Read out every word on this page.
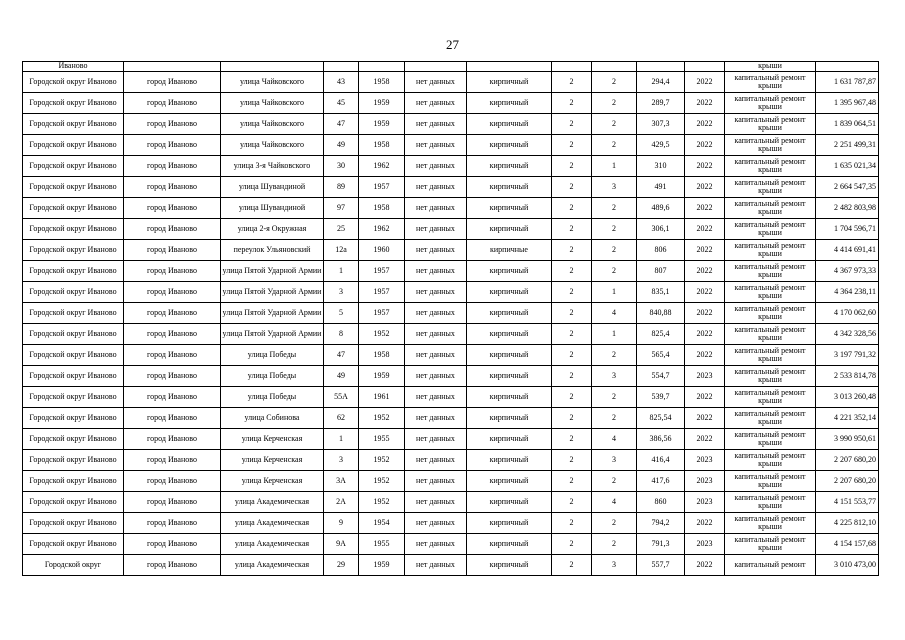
27
Иваново											крыши	
Городской округ Иваново	город Иваново	улица Чайковского	43	1958	нет данных	кирпичный	2	2	294,4	2022	капитальный ремонт крыши	1 631 787,87
Городской округ Иваново	город Иваново	улица Чайковского	45	1959	нет данных	кирпичный	2	2	289,7	2022	капитальный ремонт крыши	1 395 967,48
Городской округ Иваново	город Иваново	улица Чайковского	47	1959	нет данных	кирпичный	2	2	307,3	2022	капитальный ремонт крыши	1 839 064,51
Городской округ Иваново	город Иваново	улица Чайковского	49	1958	нет данных	кирпичный	2	2	429,5	2022	капитальный ремонт крыши	2 251 499,31
Городской округ Иваново	город Иваново	улица 3-я Чайковского	30	1962	нет данных	кирпичный	2	1	310	2022	капитальный ремонт крыши	1 635 021,34
Городской округ Иваново	город Иваново	улица Шувандиной	89	1957	нет данных	кирпичный	2	3	491	2022	капитальный ремонт крыши	2 664 547,35
Городской округ Иваново	город Иваново	улица Шувандиной	97	1958	нет данных	кирпичный	2	2	489,6	2022	капитальный ремонт крыши	2 482 803,98
Городской округ Иваново	город Иваново	улица 2-я Окружная	25	1962	нет данных	кирпичный	2	2	306,1	2022	капитальный ремонт крыши	1 704 596,71
Городской округ Иваново	город Иваново	переулок Ульяновский	12а	1960	нет данных	кирпичные	2	2	806	2022	капитальный ремонт крыши	4 414 691,41
Городской округ Иваново	город Иваново	улица Пятой Ударной Армии	1	1957	нет данных	кирпичный	2	2	807	2022	капитальный ремонт крыши	4 367 973,33
Городской округ Иваново	город Иваново	улица Пятой Ударной Армии	3	1957	нет данных	кирпичный	2	1	835,1	2022	капитальный ремонт крыши	4 364 238,11
Городской округ Иваново	город Иваново	улица Пятой Ударной Армии	5	1957	нет данных	кирпичный	2	4	840,88	2022	капитальный ремонт крыши	4 170 062,60
Городской округ Иваново	город Иваново	улица Пятой Ударной Армии	8	1952	нет данных	кирпичный	2	1	825,4	2022	капитальный ремонт крыши	4 342 328,56
Городской округ Иваново	город Иваново	улица Победы	47	1958	нет данных	кирпичный	2	2	565,4	2022	капитальный ремонт крыши	3 197 791,32
Городской округ Иваново	город Иваново	улица Победы	49	1959	нет данных	кирпичный	2	3	554,7	2023	капитальный ремонт крыши	2 533 814,78
Городской округ Иваново	город Иваново	улица Победы	55А	1961	нет данных	кирпичный	2	2	539,7	2022	капитальный ремонт крыши	3 013 260,48
Городской округ Иваново	город Иваново	улица Собинова	62	1952	нет данных	кирпичный	2	2	825,54	2022	капитальный ремонт крыши	4 221 352,14
Городской округ Иваново	город Иваново	улица Керченская	1	1955	нет данных	кирпичный	2	4	386,56	2022	капитальный ремонт крыши	3 990 950,61
Городской округ Иваново	город Иваново	улица Керченская	3	1952	нет данных	кирпичный	2	3	416,4	2023	капитальный ремонт крыши	2 207 680,20
Городской округ Иваново	город Иваново	улица Керченская	3А	1952	нет данных	кирпичный	2	2	417,6	2023	капитальный ремонт крыши	2 207 680,20
Городской округ Иваново	город Иваново	улица Академическая	2А	1952	нет данных	кирпичный	2	4	860	2023	капитальный ремонт крыши	4 151 553,77
Городской округ Иваново	город Иваново	улица Академическая	9	1954	нет данных	кирпичный	2	2	794,2	2022	капитальный ремонт крыши	4 225 812,10
Городской округ Иваново	город Иваново	улица Академическая	9А	1955	нет данных	кирпичный	2	2	791,3	2023	капитальный ремонт крыши	4 154 157,68
Городской округ	город Иваново	улица Академическая	29	1959	нет данных	кирпичный	2	3	557,7	2022	капитальный ремонт	3 010 473,00
